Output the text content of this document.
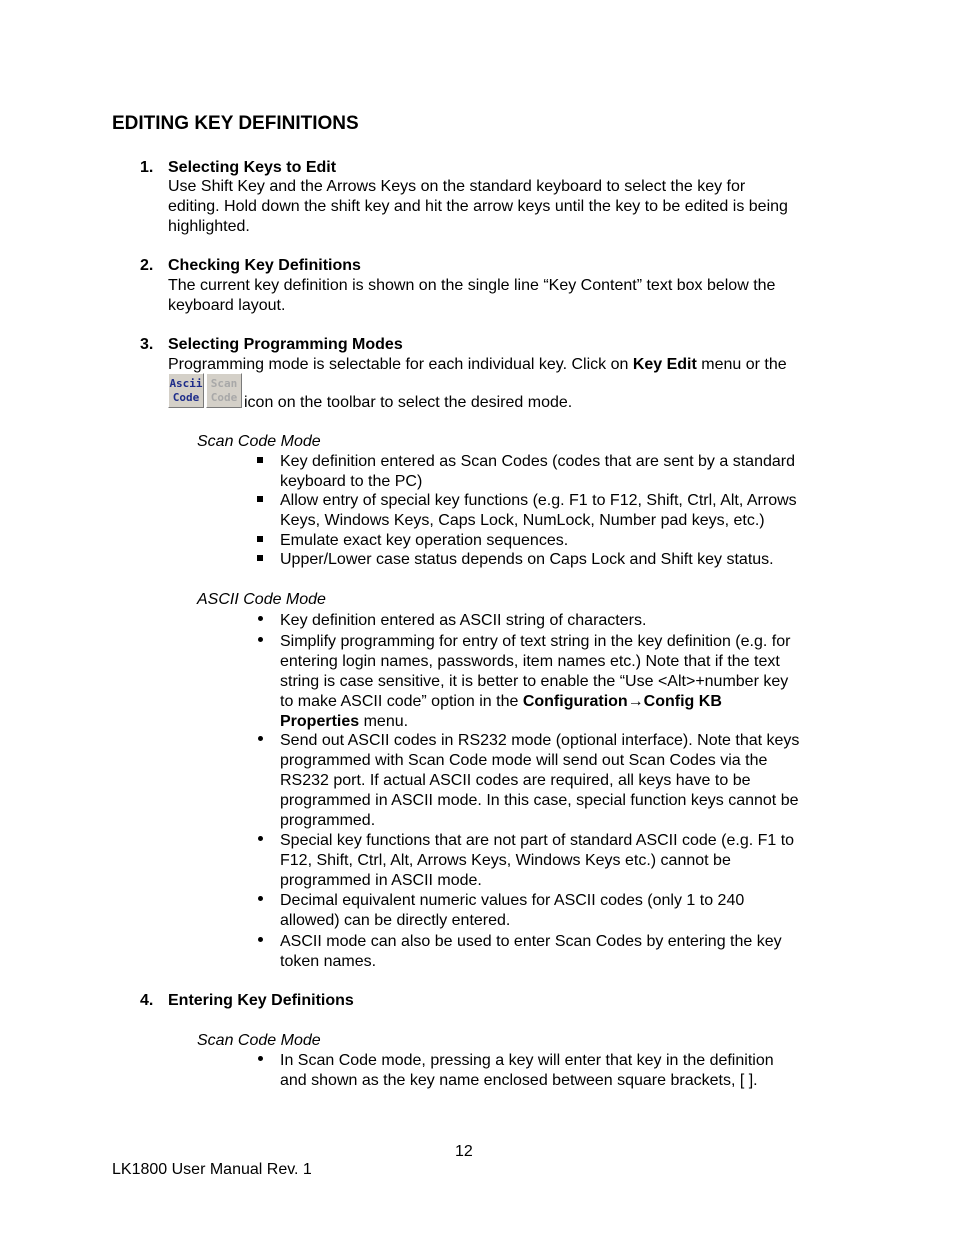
EDITING KEY DEFINITIONS
1. Selecting Keys to Edit
Use Shift Key and the Arrows Keys on the standard keyboard to select the key for
editing. Hold down the shift key and hit the arrow keys until the key to be edited is being
highlighted.
2. Checking Key Definitions
The current key definition is shown on the single line “Key Content” text box below the
keyboard layout.
3. Selecting Programming Modes
Programming mode is selectable for each individual key. Click on Key Edit menu or the
Ascii
Code
Scan
Code icon on the toolbar to select the desired mode.
Scan Code Mode
Key definition entered as Scan Codes (codes that are sent by a standard
keyboard to the PC)
Allow entry of special key functions (e.g. F1 to F12, Shift, Ctrl, Alt, Arrows
Keys, Windows Keys, Caps Lock, NumLock, Number pad keys, etc.)
Emulate exact key operation sequences.
Upper/Lower case status depends on Caps Lock and Shift key status.
ASCII Code Mode
Key definition entered as ASCII string of characters.
Simplify programming for entry of text string in the key definition (e.g. for
entering login names, passwords, item names etc.) Note that if the text
string is case sensitive, it is better to enable the “Use <Alt>+number key
to make ASCII code” option in the Configuration→Config KB
Properties menu.
Send out ASCII codes in RS232 mode (optional interface). Note that keys
programmed with Scan Code mode will send out Scan Codes via the
RS232 port. If actual ASCII codes are required, all keys have to be
programmed in ASCII mode. In this case, special function keys cannot be
programmed.
Special key functions that are not part of standard ASCII code (e.g. F1 to
F12, Shift, Ctrl, Alt, Arrows Keys, Windows Keys etc.) cannot be
programmed in ASCII mode.
Decimal equivalent numeric values for ASCII codes (only 1 to 240
allowed) can be directly entered.
ASCII mode can also be used to enter Scan Codes by entering the key
token names.
4. Entering Key Definitions
Scan Code Mode
In Scan Code mode, pressing a key will enter that key in the definition
and shown as the key name enclosed between square brackets, [ ].
12
LK1800 User Manual Rev. 1
